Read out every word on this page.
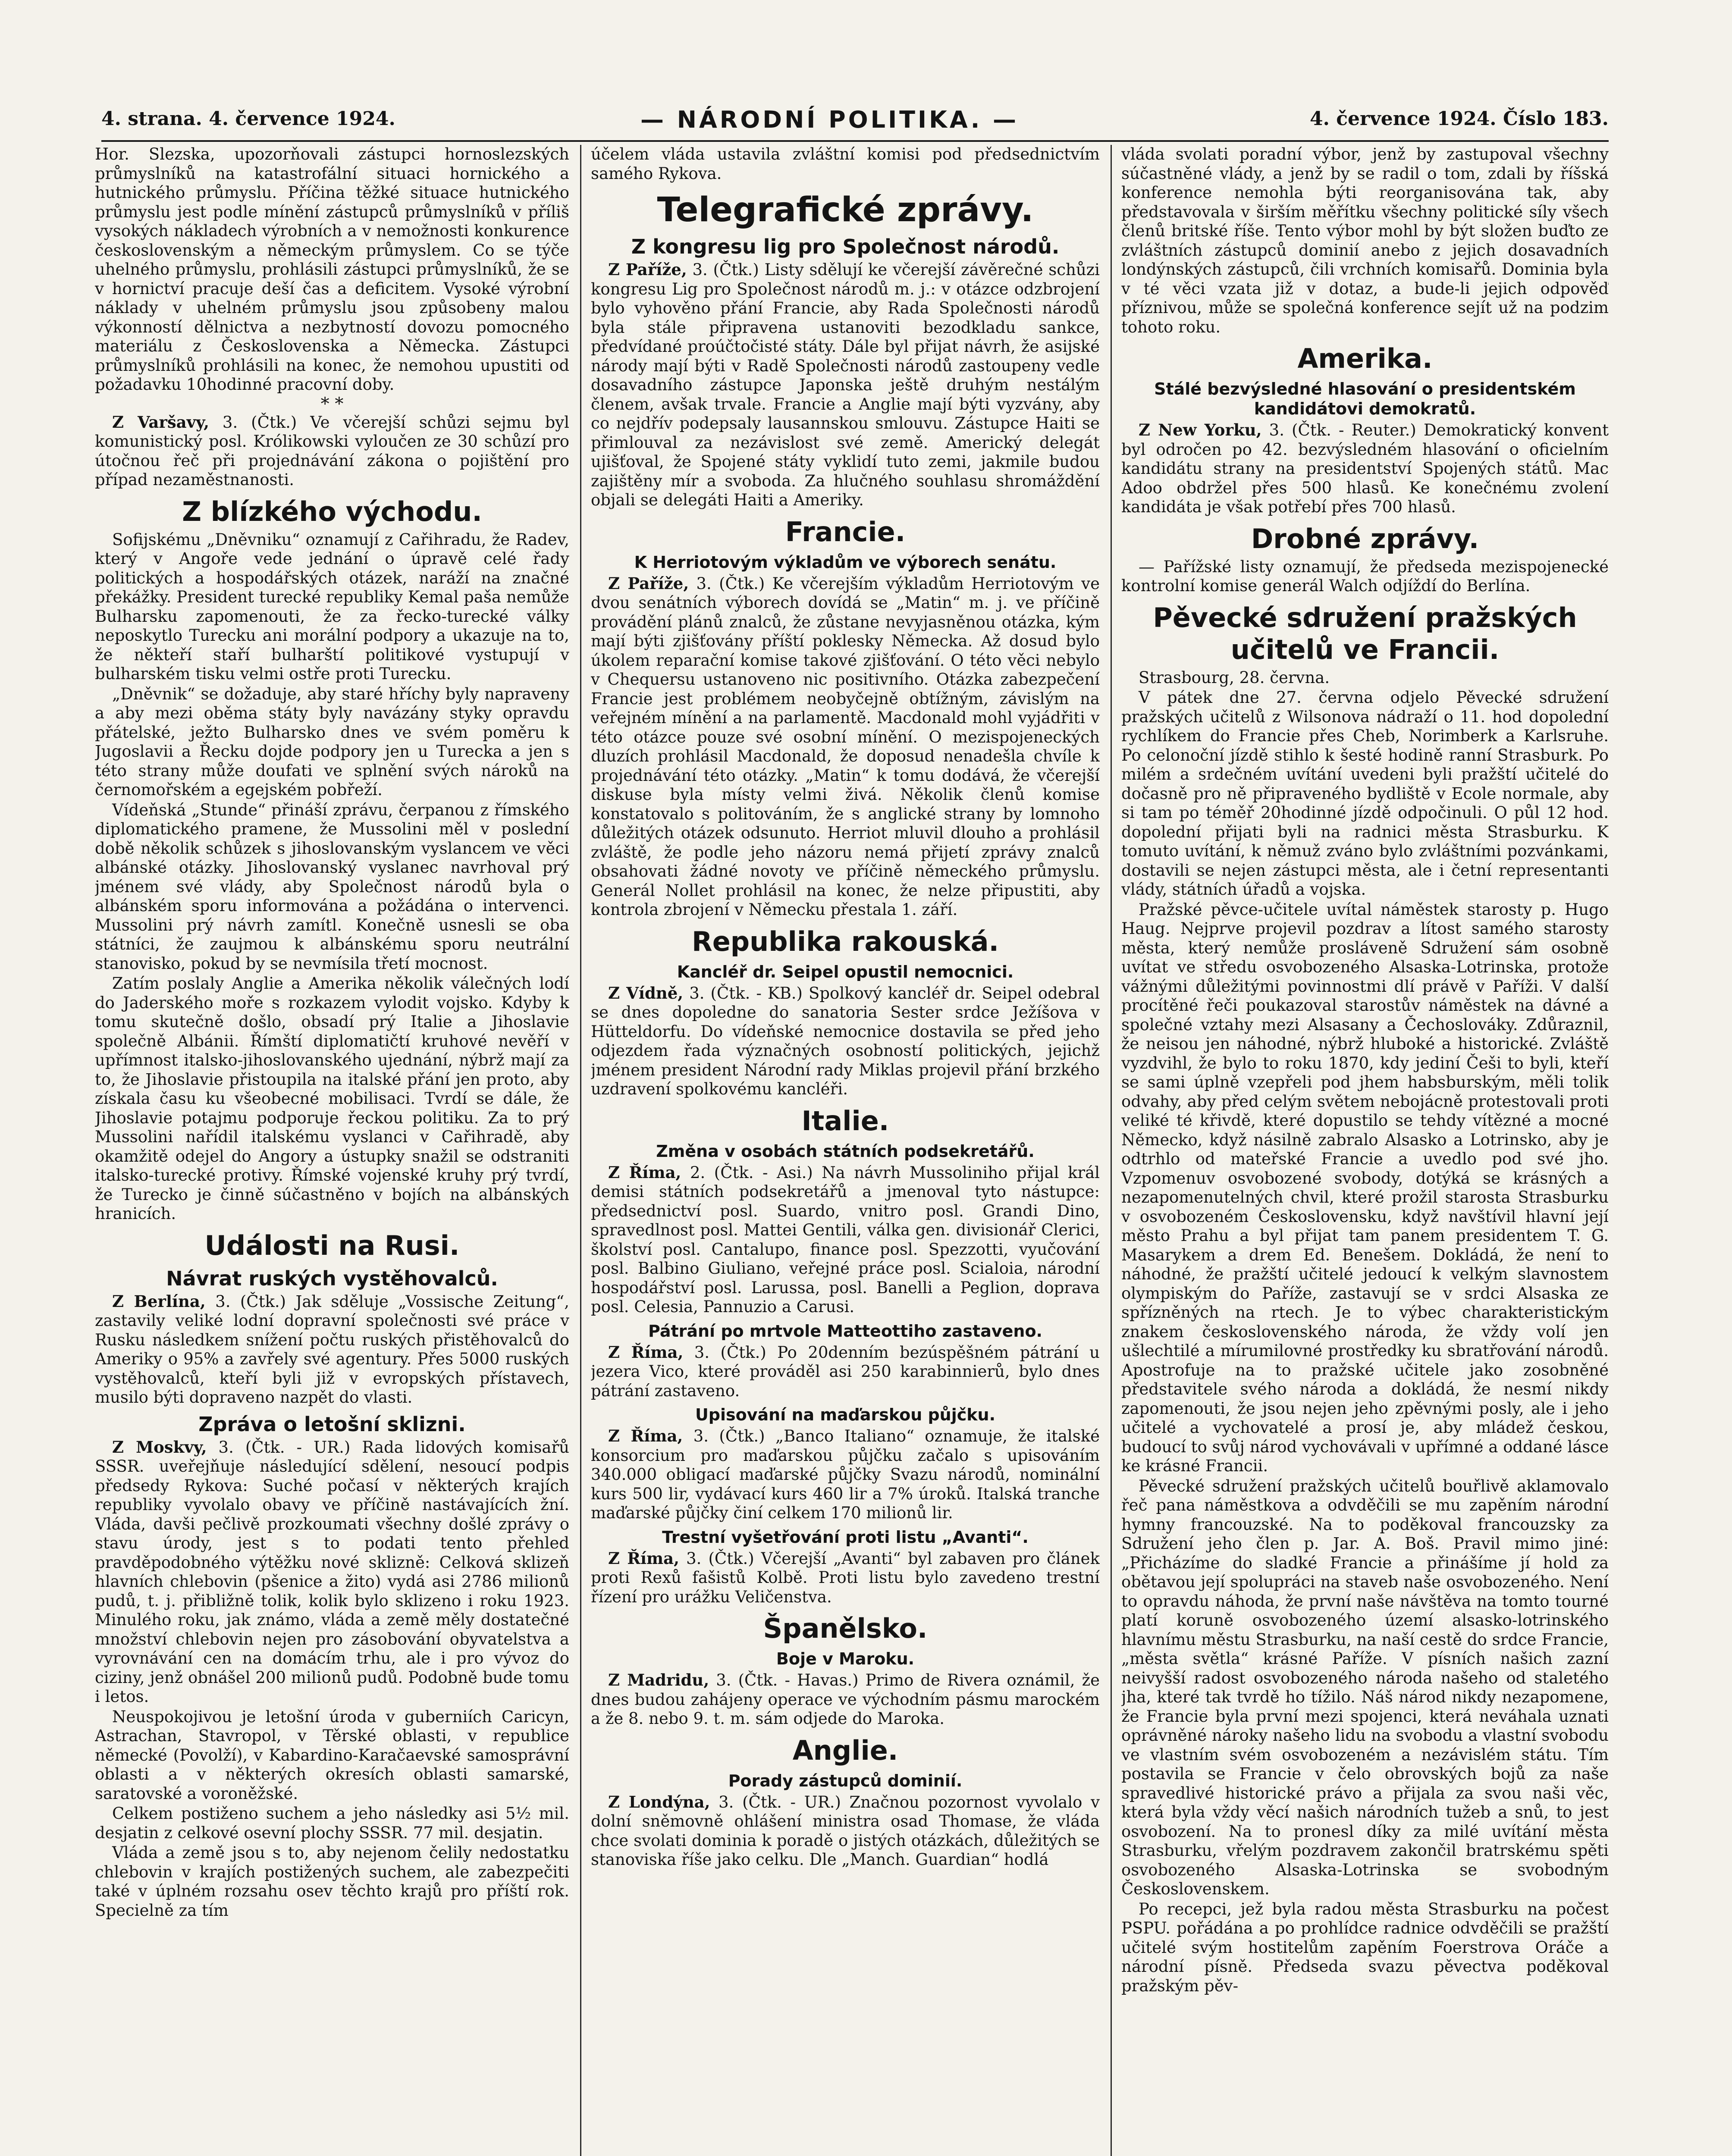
4. strana. 4. července 1924.	— NÁRODNÍ POLITIKA. —	4. července 1924. Číslo 183.

Hor. Slezska, upozorňovali zástupci hornoslezských průmyslníků na katastrofální situaci hornického a hutnického průmyslu. Příčina těžké situace hutnického průmyslu jest podle mínění zástupců průmyslníků v příliš vysokých nákladech výrobních a v nemožnosti konkurence československým a německým průmyslem. Co se týče uhelného průmyslu, prohlásili zástupci průmyslníků, že se v hornictví pracuje deší čas a deficitem. Vysoké výrobní náklady v uhelném průmyslu jsou způsobeny malou výkonností dělnictva a nezbytností dovozu pomocného materiálu z Československa a Německa. Zástupci průmyslníků prohlásili na konec, že nemohou upustiti od požadavku 10hodinné pracovní doby.

* *

Z Varšavy, 3. (Čtk.) Ve včerejší schůzi sejmu byl komunistický posl. Królikowski vyloučen ze 30 schůzí pro útočnou řeč při projednávání zákona o pojištění pro případ nezaměstnanosti.

Z blízkého východu.

Sofijskému „Dněvniku“ oznamují z Cařihradu, že Radev, který v Angoře vede jednání o úpravě celé řady politických a hospodářských otázek, naráží na značné překážky. President turecké republiky Kemal paša nemůže Bulharsku zapomenouti, že za řecko-turecké války neposkytlo Turecku ani morální podpory a ukazuje na to, že někteří staří bulharští politikové vystupují v bulharském tisku velmi ostře proti Turecku.

„Dněvnik“ se dožaduje, aby staré hříchy byly napraveny a aby mezi oběma státy byly navázány styky opravdu přátelské, ježto Bulharsko dnes ve svém poměru k Jugoslavii a Řecku dojde podpory jen u Turecka a jen s této strany může doufati ve splnění svých nároků na černomořském a egejském pobřeží.

Vídeňská „Stunde“ přináší zprávu, čerpanou z římského diplomatického pramene, že Mussolini měl v poslední době několik schůzek s jihoslovanským vyslancem ve věci albánské otázky. Jihoslovanský vyslanec navrhoval prý jménem své vlády, aby Společnost národů byla o albánském sporu informována a požádána o intervenci. Mussolini prý návrh zamítl. Konečně usnesli se oba státníci, že zaujmou k albánskému sporu neutrální stanovisko, pokud by se nevmísila třetí mocnost.

Zatím poslaly Anglie a Amerika několik válečných lodí do Jaderského moře s rozkazem vylodit vojsko. Kdyby k tomu skutečně došlo, obsadí prý Italie a Jihoslavie společně Albánii. Římští diplomatičtí kruhové nevěří v upřímnost italsko-jihoslovanského ujednání, nýbrž mají za to, že Jihoslavie přistoupila na italské přání jen proto, aby získala času ku všeobecné mobilisaci. Tvrdí se dále, že Jihoslavie potajmu podporuje řeckou politiku. Za to prý Mussolini nařídil italskému vyslanci v Cařihradě, aby okamžitě odejel do Angory a ústupky snažil se odstraniti italsko-turecké protivy. Římské vojenské kruhy prý tvrdí, že Turecko je činně súčastněno v bojích na albánských hranicích.

Události na Rusi.
Návrat ruských vystěhovalců.

Z Berlína, 3. (Čtk.) Jak sděluje „Vossische Zeitung“, zastavily veliké lodní dopravní společnosti své práce v Rusku následkem snížení počtu ruských přistěhovalců do Ameriky o 95% a zavřely své agentury. Přes 5000 ruských vystěhovalců, kteří byli již v evropských přístavech, musilo býti dopraveno nazpět do vlasti.

Zpráva o letošní sklizni.

Z Moskvy, 3. (Čtk. - UR.) Rada lidových komisařů SSSR. uveřejňuje následující sdělení, nesoucí podpis předsedy Rykova: Suché počasí v některých krajích republiky vyvolalo obavy ve příčině nastávajících žní. Vláda, davši pečlivě prozkoumati všechny došlé zprávy o stavu úrody, jest s to podati tento přehled pravděpodobného výtěžku nové sklizně: Celková sklizeň hlavních chlebovin (pšenice a žito) vydá asi 2786 milionů pudů, t. j. přibližně tolik, kolik bylo sklizeno i roku 1923. Minulého roku, jak známo, vláda a země měly dostatečné množství chlebovin nejen pro zásobování obyvatelstva a vyrovnávání cen na domácím trhu, ale i pro vývoz do ciziny, jenž obnášel 200 milionů pudů. Podobně bude tomu i letos.

Neuspokojivou je letošní úroda v guberniích Caricyn, Astrachan, Stavropol, v Těrské oblasti, v republice německé (Povolží), v Kabardino-Karačaevské samosprávní oblasti a v některých okresích oblasti samarské, saratovské a voroněžské.

Celkem postiženo suchem a jeho následky asi 5½ mil. desjatin z celkové osevní plochy SSSR. 77 mil. desjatin.

Vláda a země jsou s to, aby nejenom čelily nedostatku chlebovin v krajích postižených suchem, ale zabezpečiti také v úplném rozsahu osev těchto krajů pro příští rok. Specielně za tím

účelem vláda ustavila zvláštní komisi pod předsednictvím samého Rykova.

Telegrafické zprávy.
Z kongresu lig pro Společnost národů.

Z Paříže, 3. (Čtk.) Listy sdělují ke včerejší závěrečné schůzi kongresu Lig pro Společnost národů m. j.: v otázce odzbrojení bylo vyhověno přání Francie, aby Rada Společnosti národů byla stále připravena ustanoviti bezodkladu sankce, předvídané proúčtočisté státy. Dále byl přijat návrh, že asijské národy mají býti v Radě Společnosti národů zastoupeny vedle dosavadního zástupce Japonska ještě druhým nestálým členem, avšak trvale. Francie a Anglie mají býti vyzvány, aby co nejdřív podepsaly lausannskou smlouvu. Zástupce Haiti se přimlouval za nezávislost své země. Americký delegát ujišťoval, že Spojené státy vyklidí tuto zemi, jakmile budou zajištěny mír a svoboda. Za hlučného souhlasu shromáždění objali se delegáti Haiti a Ameriky.

Francie.
K Herriotovým výkladům ve výborech senátu.

Z Paříže, 3. (Čtk.) Ke včerejším výkladům Herriotovým ve dvou senátních výborech dovídá se „Matin“ m. j. ve příčině provádění plánů znalců, že zůstane nevyjasněnou otázka, kým mají býti zjišťovány příští poklesky Německa. Až dosud bylo úkolem reparační komise takové zjišťování. O této věci nebylo v Chequersu ustanoveno nic positivního. Otázka zabezpečení Francie jest problémem neobyčejně obtížným, závislým na veřejném mínění a na parlamentě. Macdonald mohl vyjádřiti v této otázce pouze své osobní mínění. O mezispojeneckých dluzích prohlásil Macdonald, že doposud nenadešla chvíle k projednávání této otázky. „Matin“ k tomu dodává, že včerejší diskuse byla místy velmi živá. Několik členů komise konstatovalo s politováním, že s anglické strany by lomnoho důležitých otázek odsunuto. Herriot mluvil dlouho a prohlásil zvláště, že podle jeho názoru nemá přijetí zprávy znalců obsahovati žádné novoty ve příčině německého průmyslu. Generál Nollet prohlásil na konec, že nelze připustiti, aby kontrola zbrojení v Německu přestala 1. září.

Republika rakouská.
Kancléř dr. Seipel opustil nemocnici.

Z Vídně, 3. (Čtk. - KB.) Spolkový kancléř dr. Seipel odebral se dnes dopoledne do sanatoria Sester srdce Ježíšova v Hütteldorfu. Do vídeňské nemocnice dostavila se před jeho odjezdem řada význačných osobností politických, jejichž jménem president Národní rady Miklas projevil přání brzkého uzdravení spolkovému kancléři.

Italie.
Změna v osobách státních podsekretářů.

Z Říma, 2. (Čtk. - Asi.) Na návrh Mussoliniho přijal král demisi státních podsekretářů a jmenoval tyto nástupce: předsednictví posl. Suardo, vnitro posl. Grandi Dino, spravedlnost posl. Mattei Gentili, válka gen. divisionář Clerici, školství posl. Cantalupo, finance posl. Spezzotti, vyučování posl. Balbino Giuliano, veřejné práce posl. Scialoia, národní hospodářství posl. Larussa, posl. Banelli a Peglion, doprava posl. Celesia, Pannuzio a Carusi.

Pátrání po mrtvole Matteottiho zastaveno.

Z Říma, 3. (Čtk.) Po 20denním bezúspěšném pátrání u jezera Vico, které prováděl asi 250 karabinnierů, bylo dnes pátrání zastaveno.

Upisování na maďarskou půjčku.

Z Říma, 3. (Čtk.) „Banco Italiano“ oznamuje, že italské konsorcium pro maďarskou půjčku začalo s upisováním 340.000 obligací maďarské půjčky Svazu národů, nominální kurs 500 lir, vydávací kurs 460 lir a 7% úroků. Italská tranche maďarské půjčky činí celkem 170 milionů lir.

Trestní vyšetřování proti listu „Avanti“.

Z Říma, 3. (Čtk.) Včerejší „Avanti“ byl zabaven pro článek proti Rexů fašistů Kolbě. Proti listu bylo zavedeno trestní řízení pro urážku Veličenstva.

Španělsko.
Boje v Maroku.

Z Madridu, 3. (Čtk. - Havas.) Primo de Rivera oznámil, že dnes budou zahájeny operace ve východním pásmu marockém a že 8. nebo 9. t. m. sám odjede do Maroka.

Anglie.
Porady zástupců dominií.

Z Londýna, 3. (Čtk. - UR.) Značnou pozornost vyvolalo v dolní sněmovně ohlášení ministra osad Thomase, že vláda chce svolati dominia k poradě o jistých otázkách, důležitých se stanoviska říše jako celku. Dle „Manch. Guardian“ hodlá

vláda svolati poradní výbor, jenž by zastupoval všechny súčastněné vlády, a jenž by se radil o tom, zdali by říšská konference nemohla býti reorganisována tak, aby představovala v širším měřítku všechny politické síly všech členů britské říše. Tento výbor mohl by být složen buďto ze zvláštních zástupců dominií anebo z jejich dosavadních londýnských zástupců, čili vrchních komisařů. Dominia byla v té věci vzata již v dotaz, a bude-li jejich odpověď příznivou, může se společná konference sejít už na podzim tohoto roku.

Amerika.
Stálé bezvýsledné hlasování o presidentském kandidátovi demokratů.

Z New Yorku, 3. (Čtk. - Reuter.) Demokratický konvent byl odročen po 42. bezvýsledném hlasování o oficielním kandidátu strany na presidentství Spojených států. Mac Adoo obdržel přes 500 hlasů. Ke konečnému zvolení kandidáta je však potřebí přes 700 hlasů.

Drobné zprávy.

— Pařížské listy oznamují, že předseda mezispojenecké kontrolní komise generál Walch odjíždí do Berlína.

Pěvecké sdružení pražských učitelů ve Francii.

Strasbourg, 28. června.

V pátek dne 27. června odjelo Pěvecké sdružení pražských učitelů z Wilsonova nádraží o 11. hod dopolední rychlíkem do Francie přes Cheb, Norimberk a Karlsruhe. Po celonoční jízdě stihlo k šesté hodině ranní Strasburk. Po milém a srdečném uvítání uvedeni byli pražští učitelé do dočasně pro ně připraveného bydliště v Ecole normale, aby si tam po téměř 20hodinné jízdě odpočinuli. O půl 12 hod. dopolední přijati byli na radnici města Strasburku. K tomuto uvítání, k němuž zváno bylo zvláštními pozvánkami, dostavili se nejen zástupci města, ale i četní representanti vlády, státních úřadů a vojska.

Pražské pěvce-učitele uvítal náměstek starosty p. Hugo Haug. Nejprve projevil pozdrav a lítost samého starosty města, který nemůže prosláveně Sdružení sám osobně uvítat ve středu osvobozeného Alsaska-Lotrinska, protože vážnými důležitými povinnostmi dlí právě v Paříži. V další procítěné řeči poukazoval starostův náměstek na dávné a společné vztahy mezi Alsasany a Čechoslováky. Zdůraznil, že neisou jen náhodné, nýbrž hluboké a historické. Zvláště vyzdvihl, že bylo to roku 1870, kdy jediní Češi to byli, kteří se sami úplně vzepřeli pod jhem habsburským, měli tolik odvahy, aby před celým světem nebojácně protestovali proti veliké té křivdě, které dopustilo se tehdy vítězné a mocné Německo, když násilně zabralo Alsasko a Lotrinsko, aby je odtrhlo od mateřské Francie a uvedlo pod své jho. Vzpomenuv osvobozené svobody, dotýká se krásných a nezapomenutelných chvil, které prožil starosta Strasburku v osvobozeném Československu, když navštívil hlavní její město Prahu a byl přijat tam panem presidentem T. G. Masarykem a drem Ed. Benešem. Dokládá, že není to náhodné, že pražští učitelé jedoucí k velkým slavnostem olympiským do Paříže, zastavují se v srdci Alsaska ze spřízněných na rtech. Je to výbec charakteristickým znakem československého národa, že vždy volí jen ušlechtilé a mírumilovné prostředky ku sbratřování národů. Apostrofuje na to pražské učitele jako zosobněné představitele svého národa a dokládá, že nesmí nikdy zapomenouti, že jsou nejen jeho zpěvnými posly, ale i jeho učitelé a vychovatelé a prosí je, aby mládež českou, budoucí to svůj národ vychovávali v upřímné a oddané lásce ke krásné Francii.

Pěvecké sdružení pražských učitelů bouřlivě aklamovalo řeč pana náměstkova a odvděčili se mu zapěním národní hymny francouzské. Na to poděkoval francouzsky za Sdružení jeho člen p. Jar. A. Boš. Pravil mimo jiné: „Přicházíme do sladké Francie a přinášíme jí hold za obětavou její spolupráci na staveb naše osvobozeného. Není to opravdu náhoda, že první naše návštěva na tomto tourné platí koruně osvobozeného území alsasko-lotrinského hlavnímu městu Strasburku, na naší cestě do srdce Francie, „města světla“ krásné Paříže. V písních našich zazní neivyšší radost osvobozeného národa našeho od staletého jha, které tak tvrdě ho tížilo. Náš národ nikdy nezapomene, že Francie byla první mezi spojenci, která neváhala uznati oprávněné nároky našeho lidu na svobodu a vlastní svobodu ve vlastním svém osvobozeném a nezávislém státu. Tím postavila se Francie v čelo obrovských bojů za naše spravedlivé historické právo a přijala za svou naši věc, která byla vždy věcí našich národních tužeb a snů, to jest osvobození. Na to pronesl díky za milé uvítání města Strasburku, vřelým pozdravem zakončil bratrskému spěti osvobozeného Alsaska-Lotrinska se svobodným Československem.

Po recepci, jež byla radou města Strasburku na počest PSPU. pořádána a po prohlídce radnice odvděčili se pražští učitelé svým hostitelům zapěním Foerstrova Oráče a národní písně. Předseda svazu pěvectva poděkoval pražským pěv-
